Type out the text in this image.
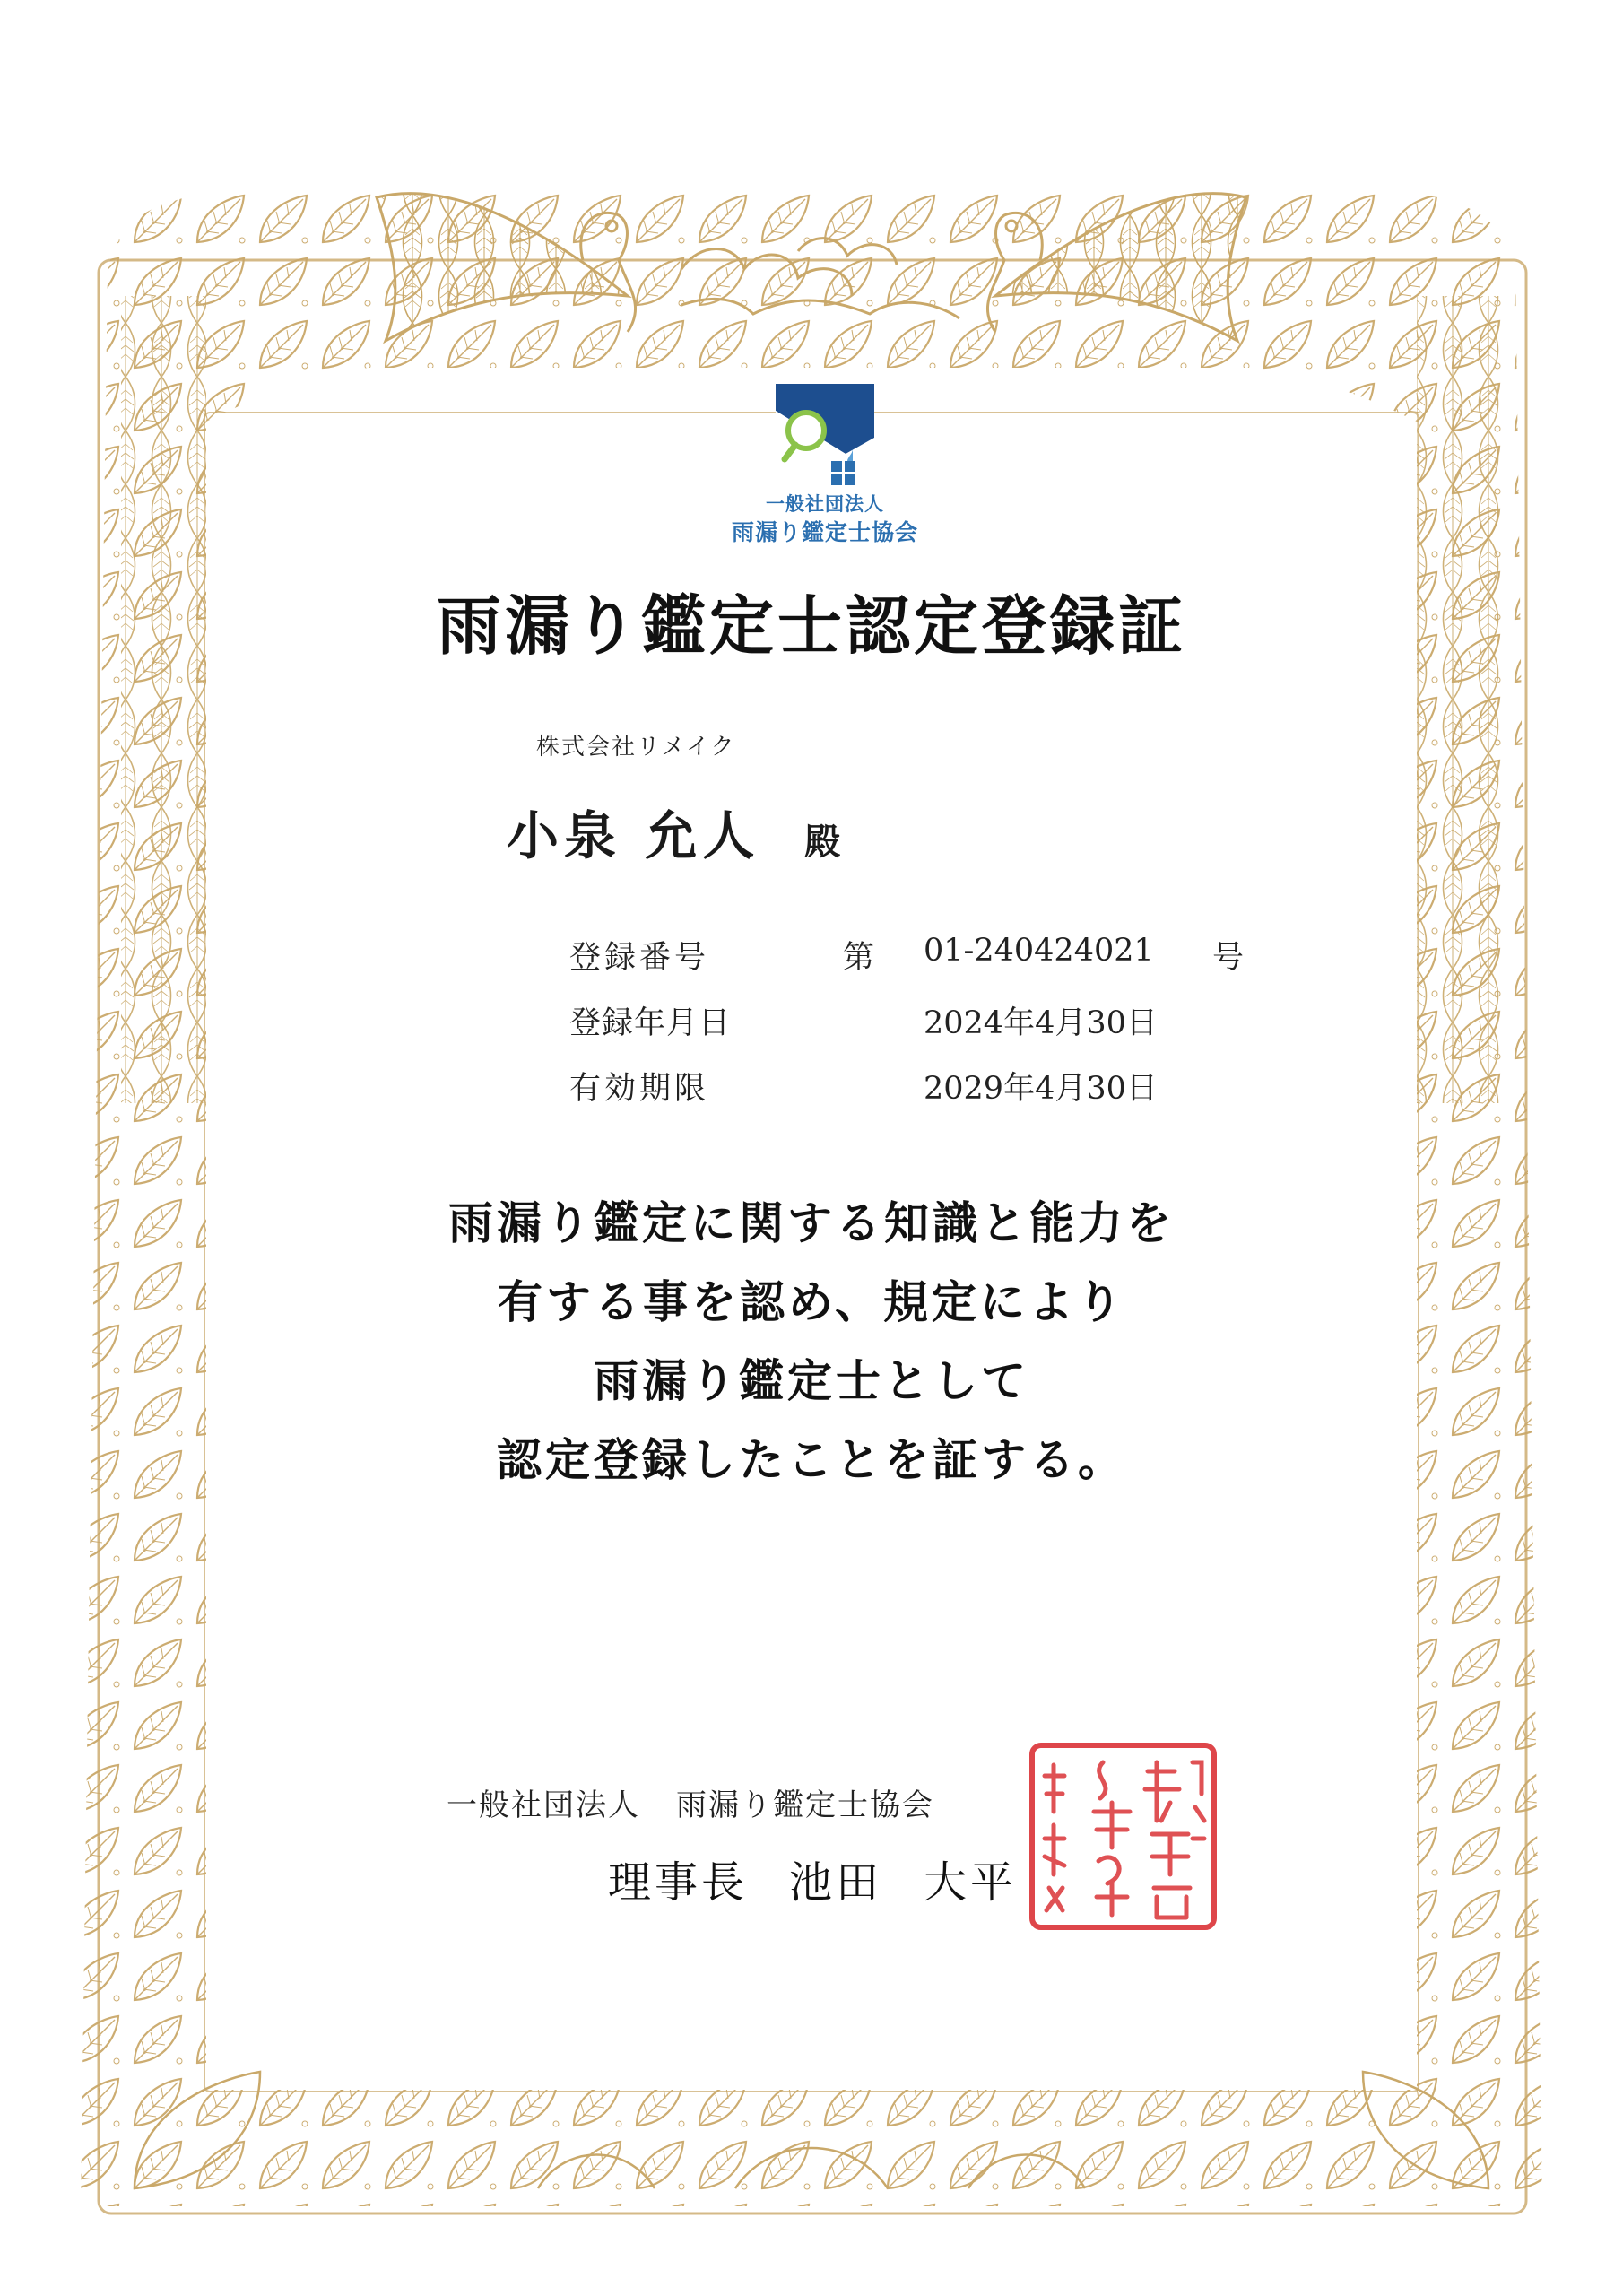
一般社団法人
雨漏り鑑定士協会
雨漏り鑑定士認定登録証
株式会社リメイク
小泉 允人 殿
登録番号	第 01-240424021 号
登録年月日	2024年4月30日
有効期限	2029年4月30日
雨漏り鑑定に関する知識と能力を
有する事を認め、規定により
雨漏り鑑定士として
認定登録したことを証する。
一般社団法人 雨漏り鑑定士協会
理事長 池田 大平
